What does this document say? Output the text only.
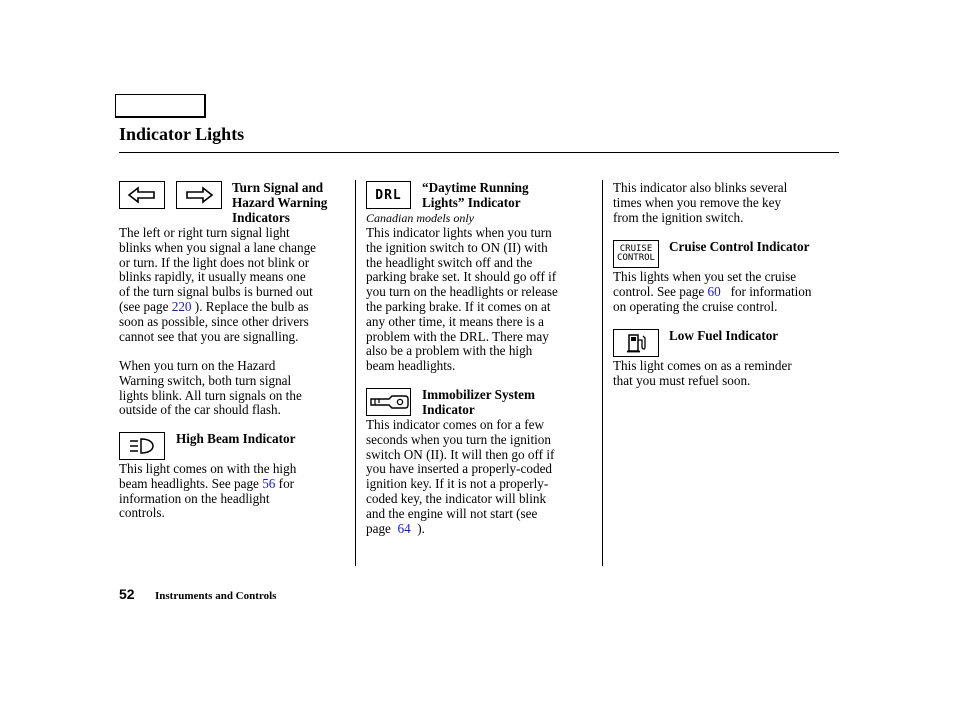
Indicator Lights
Turn Signal and
Hazard Warning
Indicators
The left or right turn signal light
blinks when you signal a lane change
or turn. If the light does not blink or
blinks rapidly, it usually means one
of the turn signal bulbs is burned out
(see page 220 ). Replace the bulb as
soon as possible, since other drivers
cannot see that you are signalling.
When you turn on the Hazard
Warning switch, both turn signal
lights blink. All turn signals on the
outside of the car should flash.
High Beam Indicator
This light comes on with the high
beam headlights. See page 56 for
information on the headlight
controls.
DRL “Daytime Running
Lights” Indicator
Canadian models only
This indicator lights when you turn
the ignition switch to ON (II) with
the headlight switch off and the
parking brake set. It should go off if
you turn on the headlights or release
the parking brake. If it comes on at
any other time, it means there is a
problem with the DRL. There may
also be a problem with the high
beam headlights.
Immobilizer System
Indicator
This indicator comes on for a few
seconds when you turn the ignition
switch ON (II). It will then go off if
you have inserted a properly-coded
ignition key. If it is not a properly-
coded key, the indicator will blink
and the engine will not start (see
page  64  ).
This indicator also blinks several
times when you remove the key
from the ignition switch.
CRUISE
CONTROL
Cruise Control Indicator
This lights when you set the cruise
control. See page 60   for information
on operating the cruise control.
Low Fuel Indicator
This light comes on as a reminder
that you must refuel soon.
52 Instruments and Controls
